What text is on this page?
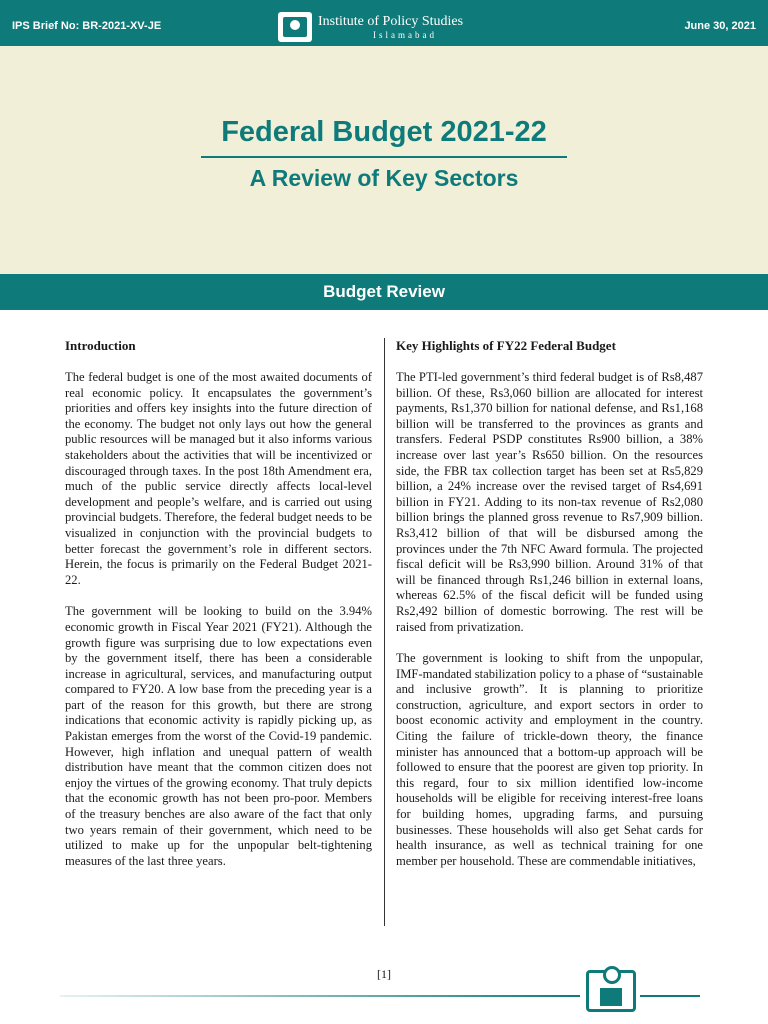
IPS Brief No: BR-2021-XV-JE	Institute of Policy Studies
Islamabad
June 30, 2021
Federal Budget 2021-22
A Review of Key Sectors
Budget Review
Introduction

The federal budget is one of the most awaited documents of real economic policy. It encapsulates the government’s priorities and offers key insights into the future direction of the economy. The budget not only lays out how the general public resources will be managed but it also informs various stakeholders about the activities that will be incentivized or discouraged through taxes. In the post 18th Amendment era, much of the public service directly affects local-level development and people’s welfare, and is carried out using provincial budgets. Therefore, the federal budget needs to be visualized in conjunction with the provincial budgets to better forecast the government’s role in different sectors. Herein, the focus is primarily on the Federal Budget 2021-22.

The government will be looking to build on the 3.94% economic growth in Fiscal Year 2021 (FY21). Although the growth figure was surprising due to low expectations even by the government itself, there has been a considerable increase in agricultural, services, and manufacturing output compared to FY20. A low base from the preceding year is a part of the reason for this growth, but there are strong indications that economic activity is rapidly picking up, as Pakistan emerges from the worst of the Covid-19 pandemic. However, high inflation and unequal pattern of wealth distribution have meant that the common citizen does not enjoy the virtues of the growing economy. That truly depicts that the economic growth has not been pro-poor. Members of the treasury benches are also aware of the fact that only two years remain of their government, which need to be utilized to make up for the unpopular belt-tightening measures of the last three years.

Key Highlights of FY22 Federal Budget

The PTI-led government’s third federal budget is of Rs8,487 billion. Of these, Rs3,060 billion are allocated for interest payments, Rs1,370 billion for national defense, and Rs1,168 billion will be transferred to the provinces as grants and transfers. Federal PSDP constitutes Rs900 billion, a 38% increase over last year’s Rs650 billion. On the resources side, the FBR tax collection target has been set at Rs5,829 billion, a 24% increase over the revised target of Rs4,691 billion in FY21. Adding to its non-tax revenue of Rs2,080 billion brings the planned gross revenue to Rs7,909 billion. Rs3,412 billion of that will be disbursed among the provinces under the 7th NFC Award formula. The projected fiscal deficit will be Rs3,990 billion. Around 31% of that will be financed through Rs1,246 billion in external loans, whereas 62.5% of the fiscal deficit will be funded using Rs2,492 billion of domestic borrowing. The rest will be raised from privatization.

The government is looking to shift from the unpopular, IMF-mandated stabilization policy to a phase of “sustainable and inclusive growth”. It is planning to prioritize construction, agriculture, and export sectors in order to boost economic activity and employment in the country. Citing the failure of trickle-down theory, the finance minister has announced that a bottom-up approach will be followed to ensure that the poorest are given top priority. In this regard, four to six million identified low-income households will be eligible for receiving interest-free loans for building homes, upgrading farms, and pursuing businesses. These households will also get Sehat cards for health insurance, as well as technical training for one member per household. These are commendable initiatives,

[1]
